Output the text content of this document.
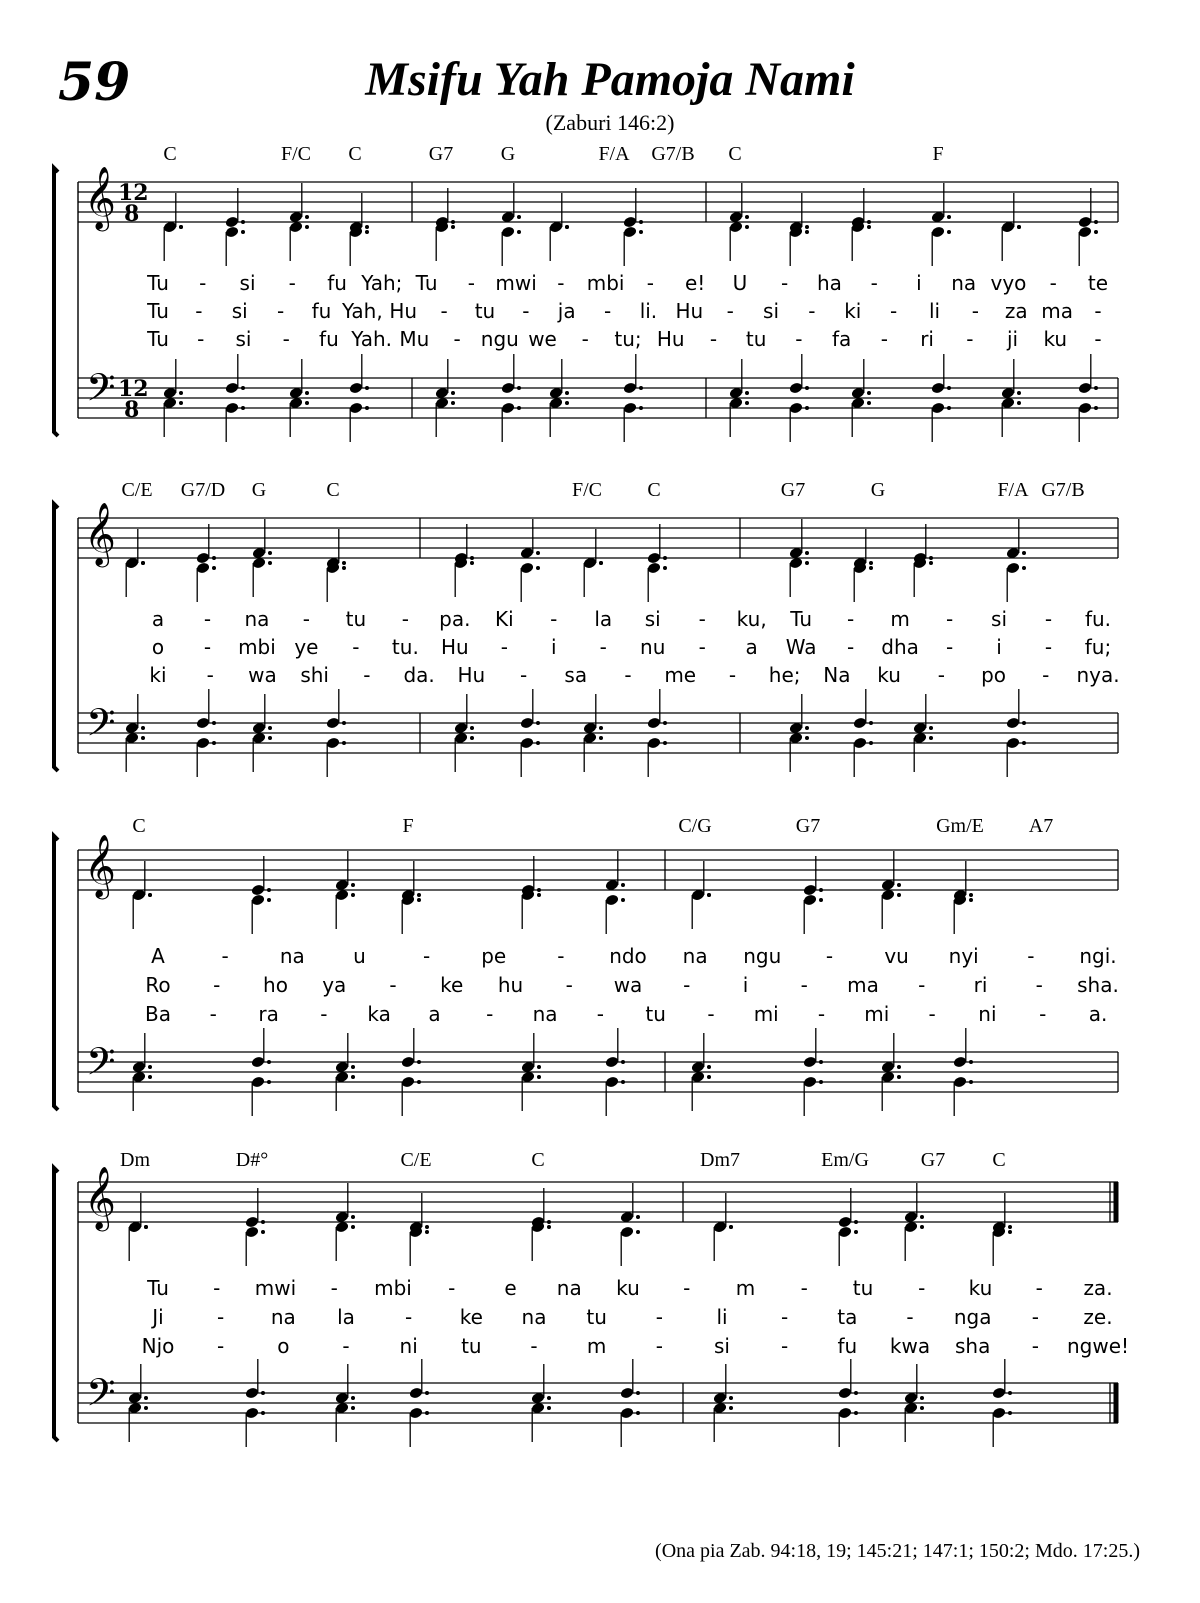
59	Msifu Yah Pamoja Nami
(Zaburi 146:2)
(Ona pia Zab. 94:18, 19; 145:21; 147:1; 150:2; Mdo. 17:25.)
𝄞
𝄢
12
8
12
8
C	F/C C	G7 G	F/A G7/B C	F
Tu - si - fu Yah; Tu - mwi - mbi - e! U - ha - i na vyo - te
Tu - si - fu Yah, Hu - tu - ja - li. Hu - si - ki - li - za ma -
Tu - si - fu Yah. Mu - ngu we - tu; Hu - tu - fa - ri - ji ku -
𝄞
𝄢
C/E G7/D G	C	F/C C	G7	G	F/A G7/B
a - na - tu - pa. Ki - la si - ku, Tu - m - si - fu.
o - mbi ye - tu. Hu - i - nu - a Wa - dha - i - fu;
ki - wa shi - da. Hu - sa - me - he; Na ku - po - nya.
𝄞
𝄢
C	F	C/G	G7	Gm/E A7
A	-	na u	-	pe	- ndo na ngu -	vu nyi - ngi.
Ro - ho ya - ke hu - wa -	i	- ma - ri - sha.
Ba - ra - ka a - na - tu - mi - mi - ni - a.
𝄞
𝄢
Dm	D#°	C/E	C	Dm7	Em/G	G7 C
Tu - mwi - mbi - e na ku - m - tu - ku - za.
Ji	- na la	- ke na tu -	li	- ta - nga - ze.
Njo -	o	- ni tu - m -	si	- fu kwa sha - ngwe!
